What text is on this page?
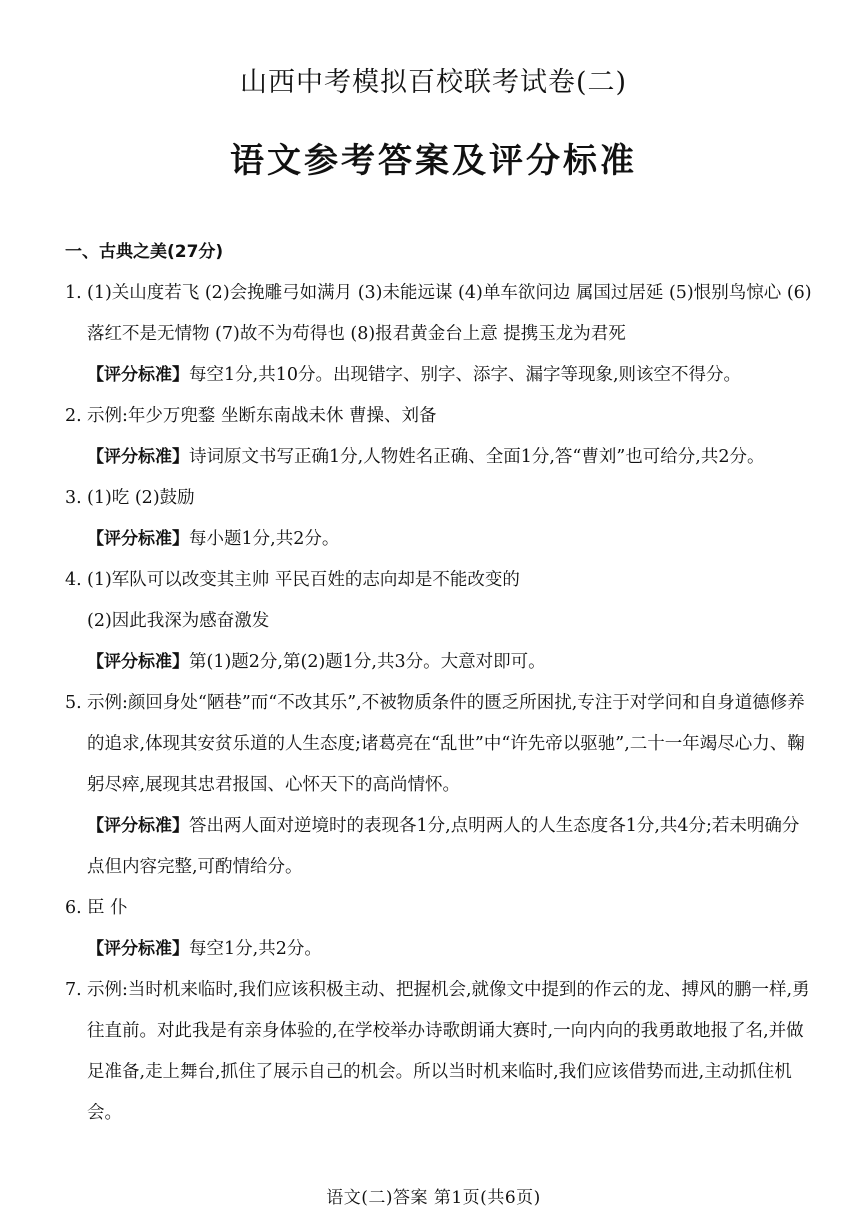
山西中考模拟百校联考试卷(二)
语文参考答案及评分标准
一、古典之美(27分)
1. (1)关山度若飞 (2)会挽雕弓如满月 (3)未能远谋 (4)单车欲问边 属国过居延 (5)恨别鸟惊心 (6)落红不是无情物 (7)故不为苟得也 (8)报君黄金台上意 提携玉龙为君死
【评分标准】每空1分,共10分。出现错字、别字、添字、漏字等现象,则该空不得分。
2. 示例:年少万兜鍪 坐断东南战未休 曹操、刘备
【评分标准】诗词原文书写正确1分,人物姓名正确、全面1分,答“曹刘”也可给分,共2分。
3. (1)吃 (2)鼓励
【评分标准】每小题1分,共2分。
4. (1)军队可以改变其主帅 平民百姓的志向却是不能改变的
(2)因此我深为感奋激发
【评分标准】第(1)题2分,第(2)题1分,共3分。大意对即可。
5. 示例:颜回身处“陋巷”而“不改其乐”,不被物质条件的匮乏所困扰,专注于对学问和自身道德修养的追求,体现其安贫乐道的人生态度;诸葛亮在“乱世”中“许先帝以驱驰”,二十一年竭尽心力、鞠躬尽瘁,展现其忠君报国、心怀天下的高尚情怀。
【评分标准】答出两人面对逆境时的表现各1分,点明两人的人生态度各1分,共4分;若未明确分点但内容完整,可酌情给分。
6. 臣 仆
【评分标准】每空1分,共2分。
7. 示例:当时机来临时,我们应该积极主动、把握机会,就像文中提到的作云的龙、搏风的鹏一样,勇往直前。对此我是有亲身体验的,在学校举办诗歌朗诵大赛时,一向内向的我勇敢地报了名,并做足准备,走上舞台,抓住了展示自己的机会。所以当时机来临时,我们应该借势而进,主动抓住机会。
语文(二)答案 第1页(共6页)
